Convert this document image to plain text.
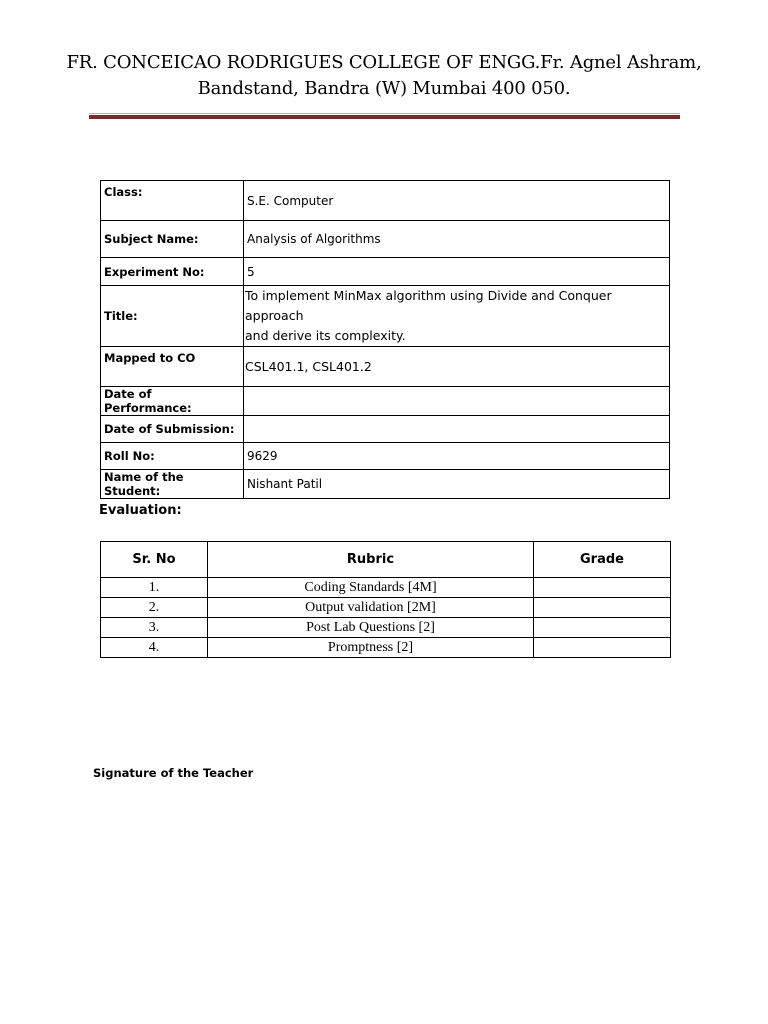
FR. CONCEICAO RODRIGUES COLLEGE OF ENGG.Fr. Agnel Ashram,
Bandstand, Bandra (W) Mumbai 400 050.
Class:	S.E. Computer
Subject Name:	Analysis of Algorithms
Experiment No:	5
Title:	To implement MinMax algorithm using Divide and Conquer approach
and derive its complexity.

Mapped to CO	CSL401.1, CSL401.2
Date of Performance:	
Date of Submission:	
Roll No:	9629
Name of the Student:	Nishant Patil
Evaluation:
Sr. No	Rubric	Grade
1.	Coding Standards [4M]	
2.	Output validation [2M]	
3.	Post Lab Questions [2]	
4.	Promptness [2]	
Signature of the Teacher
